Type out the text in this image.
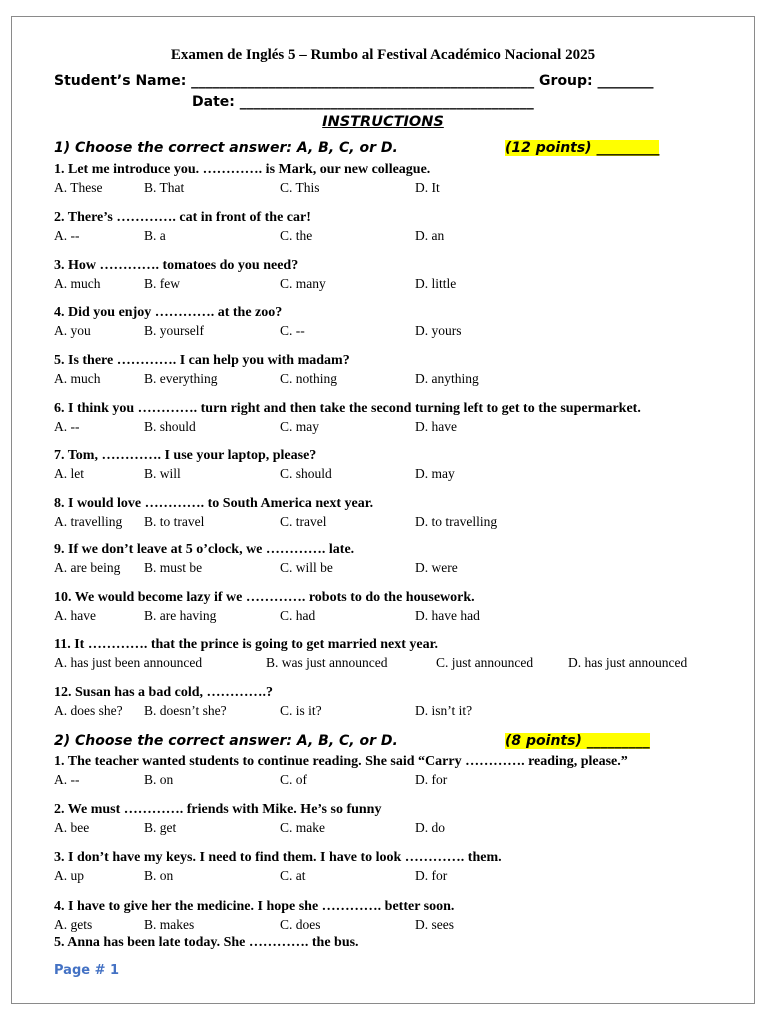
Examen de Inglés 5 – Rumbo al Festival Académico Nacional 2025
Student’s Name: _________________________________________________ Group: ________
Date: __________________________________________
INSTRUCTIONS
1) Choose the correct answer: A, B, C, or D.	(12 points) _________
1. Let me introduce you. …………. is Mark, our new colleague.
A. These	B. That	C. This	D. It
2. There’s …………. cat in front of the car!
A. --	B. a	C. the	D. an
3. How …………. tomatoes do you need?
A. much	B. few	C. many	D. little
4. Did you enjoy …………. at the zoo?
A. you	B. yourself	C. --	D. yours
5. Is there …………. I can help you with madam?
A. much	B. everything	C. nothing	D. anything
6. I think you …………. turn right and then take the second turning left to get to the supermarket.
A. --	B. should	C. may	D. have
7. Tom, …………. I use your laptop, please?
A. let	B. will	C. should	D. may
8. I would love …………. to South America next year.
A. travelling B. to travel	C. travel	D. to travelling
9. If we don’t leave at 5 o’clock, we …………. late.
A. are being B. must be	C. will be	D. were
10. We would become lazy if we …………. robots to do the housework.
A. have	B. are having	C. had	D. have had
11. It …………. that the prince is going to get married next year.
A. has just been announced	B. was just announced	C. just announced	D. has just announced
12. Susan has a bad cold, ………….?
A. does she? B. doesn’t she?	C. is it?	D. isn’t it?
2) Choose the correct answer: A, B, C, or D.	(8 points) _________
1. The teacher wanted students to continue reading. She said “Carry …………. reading, please.”
A. --	B. on	C. of	D. for
2. We must …………. friends with Mike. He’s so funny
A. bee	B. get	C. make	D. do
3. I don’t have my keys. I need to find them. I have to look …………. them.
A. up	B. on	C. at	D. for
4. I have to give her the medicine. I hope she …………. better soon.
A. gets	B. makes	C. does	D. sees
5. Anna has been late today. She …………. the bus.
Page # 1
